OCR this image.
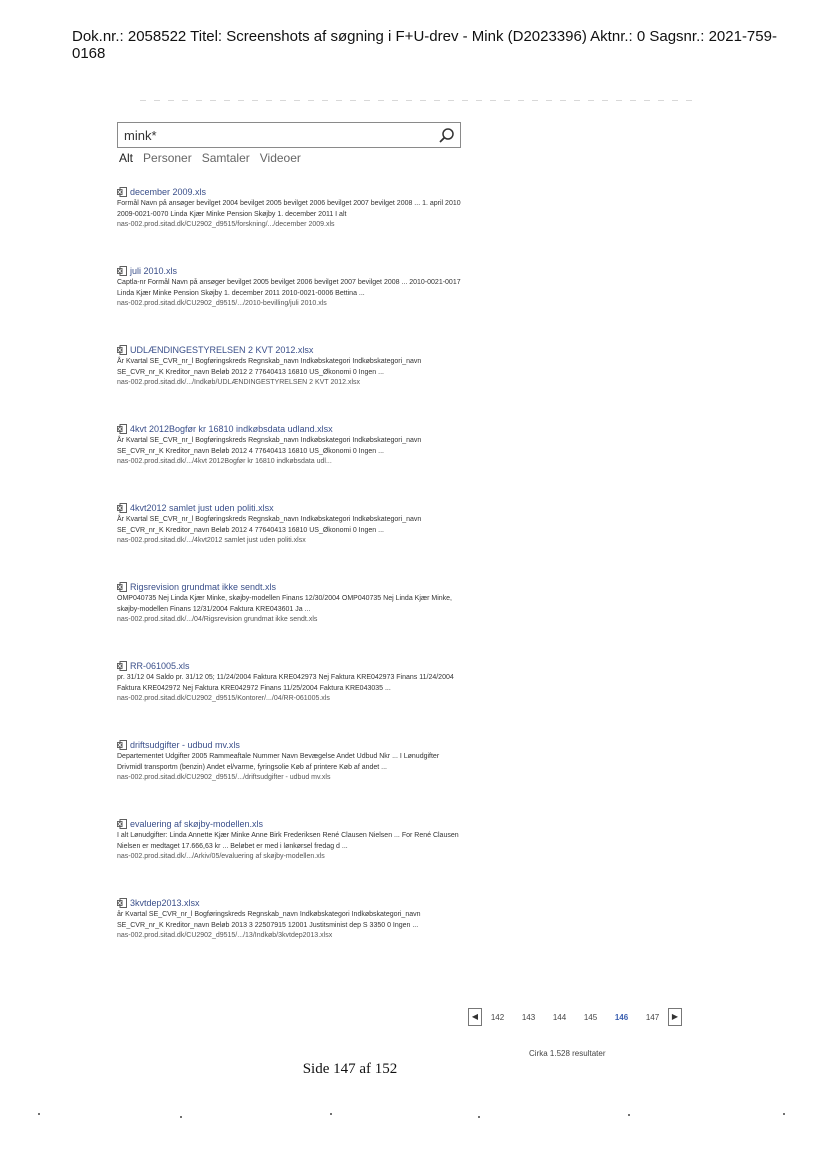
Dok.nr.: 2058522 Titel: Screenshots af søgning i F+U-drev - Mink (D2023396) Aktnr.: 0 Sagsnr.: 2021-759-0168
mink*
Alt Personer Samtaler Videoer
december 2009.xls
Formål Navn på ansøger bevilget 2004 bevilget 2005 bevilget 2006 bevilget 2007 bevilget 2008 ... 1. april 2010 2009-0021-0070 Linda Kjær Minke Pension Skøjby 1. december 2011 I alt
nas-002.prod.sitad.dk/CU2902_d9515/forskning/.../december 2009.xls
juli 2010.xls
Captla-nr Formål Navn på ansøger bevilget 2005 bevilget 2006 bevilget 2007 bevilget 2008 ... 2010-0021-0017 Linda Kjær Minke Pension Skøjby 1. december 2011 2010-0021-0006 Bettina ...
nas-002.prod.sitad.dk/CU2902_d9515/.../2010-bevilling/juli 2010.xls
UDLÆNDINGESTYRELSEN 2 KVT 2012.xlsx
År Kvartal SE_CVR_nr_l Bogføringskreds Regnskab_navn Indkøbskategori Indkøbskategori_navn SE_CVR_nr_K Kreditor_navn Beløb 2012 2 77640413 16810 US_Økonomi 0 Ingen ...
nas-002.prod.sitad.dk/.../Indkøb/UDLÆNDINGESTYRELSEN 2 KVT 2012.xlsx
4kvt 2012Bogfør kr 16810 indkøbsdata udland.xlsx
År Kvartal SE_CVR_nr_l Bogføringskreds Regnskab_navn Indkøbskategori Indkøbskategori_navn SE_CVR_nr_K Kreditor_navn Beløb 2012 4 77640413 16810 US_Økonomi 0 Ingen ...
nas-002.prod.sitad.dk/.../4kvt 2012Bogfør kr 16810 indkøbsdata udl...
4kvt2012 samlet just uden politi.xlsx
År Kvartal SE_CVR_nr_l Bogføringskreds Regnskab_navn Indkøbskategori Indkøbskategori_navn SE_CVR_nr_K Kreditor_navn Beløb 2012 4 77640413 16810 US_Økonomi 0 Ingen ...
nas-002.prod.sitad.dk/.../4kvt2012 samlet just uden politi.xlsx
Rigsrevision grundmat ikke sendt.xls
OMP040735 Nej Linda Kjær Minke, skøjby-modellen Finans 12/30/2004 OMP040735 Nej Linda Kjær Minke, skøjby-modellen Finans 12/31/2004 Faktura KRE043601 Ja ...
nas-002.prod.sitad.dk/.../04/Rigsrevision grundmat ikke sendt.xls
RR-061005.xls
pr. 31/12 04 Saldo pr. 31/12 05; 11/24/2004 Faktura KRE042973 Nej Faktura KRE042973 Finans 11/24/2004 Faktura KRE042972 Nej Faktura KRE042972 Finans 11/25/2004 Faktura KRE043035 ...
nas-002.prod.sitad.dk/CU2902_d9515/Kontorer/.../04/RR-061005.xls
driftsudgifter - udbud mv.xls
Departementet Udgifter 2005 Rammeaftale Nummer Navn Bevægelse Andet Udbud Nkr ... I Lønudgifter Drivmidl transportm (benzin) Andet el/varme, fyringsolie Køb af printere Køb af andet ...
nas-002.prod.sitad.dk/CU2902_d9515/.../driftsudgifter - udbud mv.xls
evaluering af skøjby-modellen.xls
I alt Lønudgifter: Linda Annette Kjær Minke Anne Birk Frederiksen René Clausen Nielsen ... For René Clausen Nielsen er medtaget 17.666,63 kr ... Beløbet er med i lønkørsel fredag d ...
nas-002.prod.sitad.dk/.../Arkiv/05/evaluering af skøjby-modellen.xls
3kvtdep2013.xlsx
år Kvartal SE_CVR_nr_l Bogføringskreds Regnskab_navn Indkøbskategori Indkøbskategori_navn SE_CVR_nr_K Kreditor_navn Beløb 2013 3 22507915 12001 Justitsminist dep S 3350 0 Ingen ...
nas-002.prod.sitad.dk/CU2902_d9515/.../13/Indkøb/3kvtdep2013.xlsx
◀	142	143	144	145	146	147	▶
Cirka 1.528 resultater
Side 147 af 152
